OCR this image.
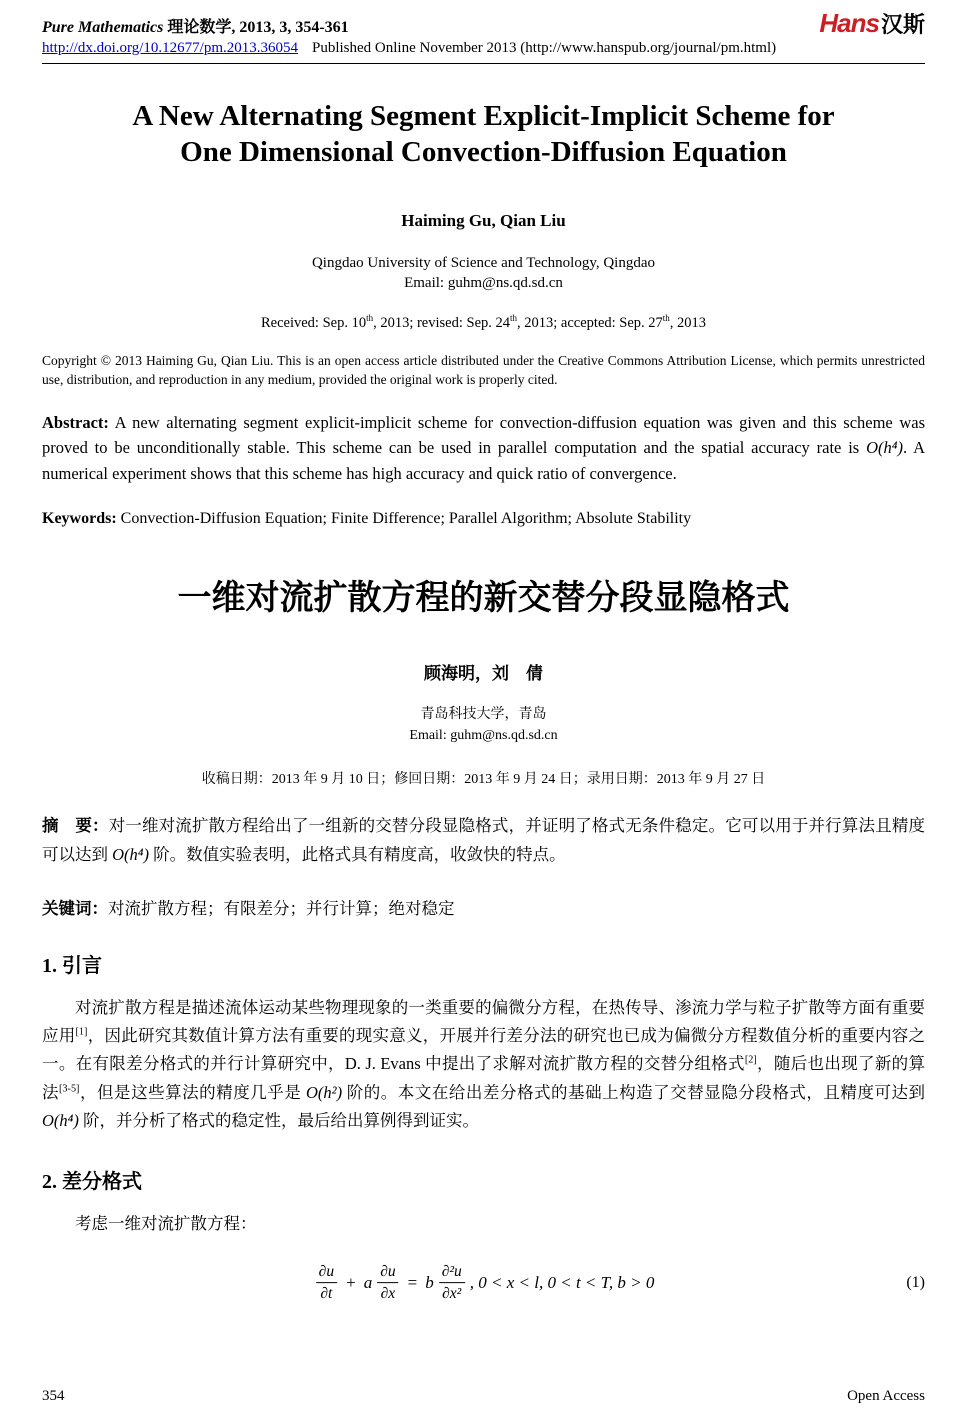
Pure Mathematics 理论数学, 2013, 3, 354-361	Hans汉斯
http://dx.doi.org/10.12677/pm.2013.36054 Published Online November 2013 (http://www.hanspub.org/journal/pm.html)
A New Alternating Segment Explicit-Implicit Scheme for
One Dimensional Convection-Diffusion Equation
Haiming Gu, Qian Liu
Qingdao University of Science and Technology, Qingdao
Email: guhm@ns.qd.sd.cn
Received: Sep. 10th, 2013; revised: Sep. 24th, 2013; accepted: Sep. 27th, 2013

Copyright © 2013 Haiming Gu, Qian Liu. This is an open access article distributed under the Creative Commons Attribution License, which permits unrestricted use, distribution, and reproduction in any medium, provided the original work is properly cited.

Abstract: A new alternating segment explicit-implicit scheme for convection-diffusion equation was given and this scheme was proved to be unconditionally stable. This scheme can be used in parallel computation and the spatial accuracy rate is O(h⁴). A numerical experiment shows that this scheme has high accuracy and quick ratio of convergence.

Keywords: Convection-Diffusion Equation; Finite Difference; Parallel Algorithm; Absolute Stability

一维对流扩散方程的新交替分段显隐格式
顾海明，刘　倩
青岛科技大学，青岛
Email: guhm@ns.qd.sd.cn
收稿日期：2013 年 9 月 10 日；修回日期：2013 年 9 月 24 日；录用日期：2013 年 9 月 27 日

摘　要：对一维对流扩散方程给出了一组新的交替分段显隐格式，并证明了格式无条件稳定。它可以用于并行算法且精度可以达到 O(h⁴) 阶。数值实验表明，此格式具有精度高，收敛快的特点。

关键词：对流扩散方程；有限差分；并行计算；绝对稳定

1. 引言

对流扩散方程是描述流体运动某些物理现象的一类重要的偏微分方程，在热传导、渗流力学与粒子扩散等方面有重要应用[1]，因此研究其数值计算方法有重要的现实意义，开展并行差分法的研究也已成为偏微分方程数值分析的重要内容之一。在有限差分格式的并行计算研究中，D. J. Evans 中提出了求解对流扩散方程的交替分组格式[2]，随后也出现了新的算法[3-5]，但是这些算法的精度几乎是 O(h²) 阶的。本文在给出差分格式的基础上构造了交替显隐分段格式，且精度可达到 O(h⁴) 阶，并分析了格式的稳定性，最后给出算例得到证实。

2. 差分格式

考虑一维对流扩散方程：

$\frac{\partial u}{\partial t} + a \frac{\partial u}{\partial x} = b \frac{\text{∂²u}}{\text{∂x²}}$ , 0 < x < l, 0 < t < T, b > 0	(1)
354	Open Access
